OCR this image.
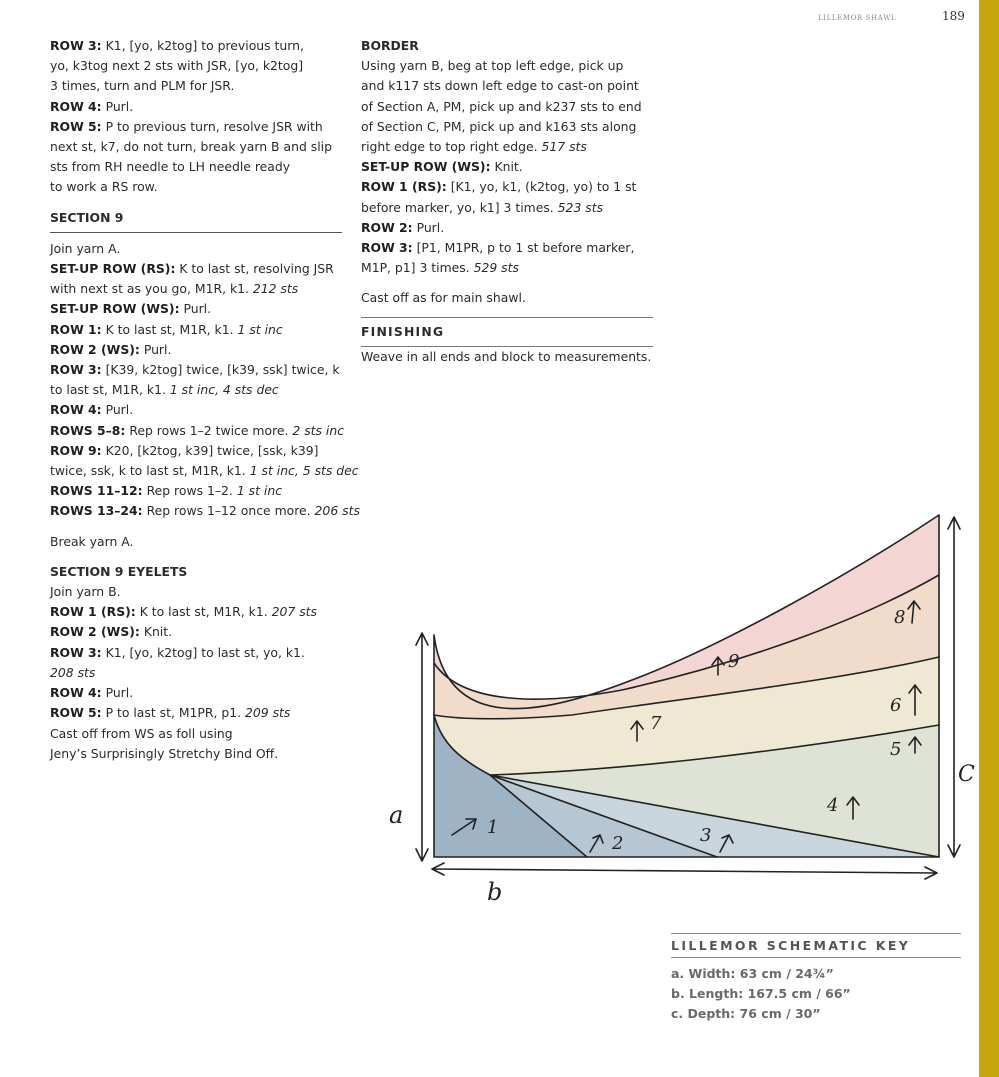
LILLEMOR SHAWL	189
ROW 3: K1, [yo, k2tog] to previous turn,
yo, k3tog next 2 sts with JSR, [yo, k2tog]
3 times, turn and PLM for JSR.
ROW 4: Purl.
ROW 5: P to previous turn, resolve JSR with
next st, k7, do not turn, break yarn B and slip
sts from RH needle to LH needle ready
to work a RS row.
SECTION 9
Join yarn A.
SET-UP ROW (RS): K to last st, resolving JSR
with next st as you go, M1R, k1. 212 sts
SET-UP ROW (WS): Purl.
ROW 1: K to last st, M1R, k1. 1 st inc
ROW 2 (WS): Purl.
ROW 3: [K39, k2tog] twice, [k39, ssk] twice, k
to last st, M1R, k1. 1 st inc, 4 sts dec
ROW 4: Purl.
ROWS 5–8: Rep rows 1–2 twice more. 2 sts inc
ROW 9: K20, [k2tog, k39] twice, [ssk, k39]
twice, ssk, k to last st, M1R, k1. 1 st inc, 5 sts dec
ROWS 11–12: Rep rows 1–2. 1 st inc
ROWS 13–24: Rep rows 1–12 once more. 206 sts
Break yarn A.
SECTION 9 EYELETS
Join yarn B.
ROW 1 (RS): K to last st, M1R, k1. 207 sts
ROW 2 (WS): Knit.
ROW 3: K1, [yo, k2tog] to last st, yo, k1.
208 sts
ROW 4: Purl.
ROW 5: P to last st, M1PR, p1. 209 sts
Cast off from WS as foll using
Jeny’s Surprisingly Stretchy Bind Off.
BORDER
Using yarn B, beg at top left edge, pick up
and k117 sts down left edge to cast-on point
of Section A, PM, pick up and k237 sts to end
of Section C, PM, pick up and k163 sts along
right edge to top right edge. 517 sts
SET-UP ROW (WS): Knit.
ROW 1 (RS): [K1, yo, k1, (k2tog, yo) to 1 st
before marker, yo, k1] 3 times. 523 sts
ROW 2: Purl.
ROW 3: [P1, M1PR, p to 1 st before marker,
M1P, p1] 3 times. 529 sts
Cast off as for main shawl.
FINISHING
Weave in all ends and block to measurements.
a
b
C
1
2	3
4
5
6
7
8
9
LILLEMOR SCHEMATIC KEY
a. Width: 63 cm / 24¾”
b. Length: 167.5 cm / 66”
c. Depth: 76 cm / 30”
